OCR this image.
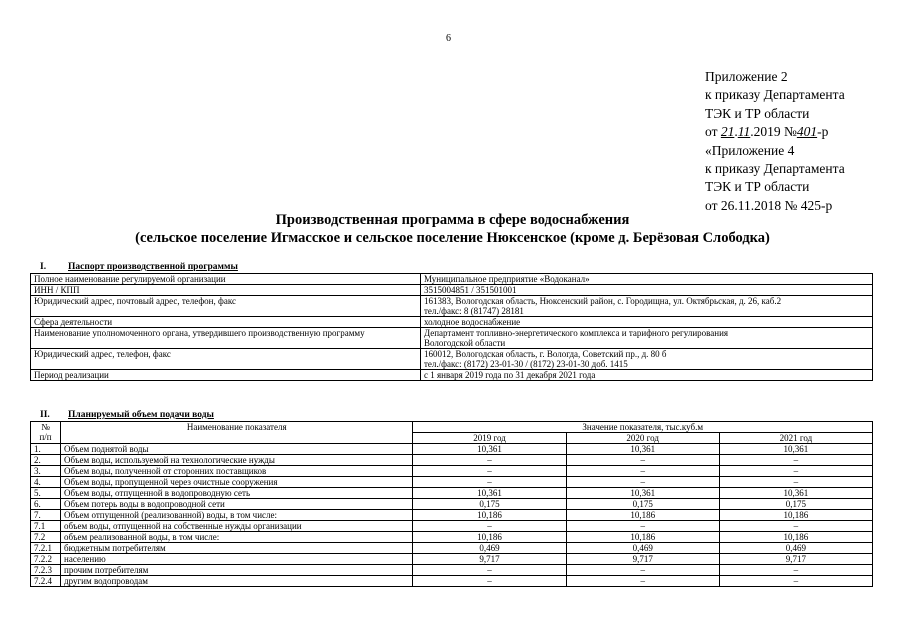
6
Приложение 2
к приказу Департамента
ТЭК и ТР области
от 21.11.2019 №401-р
«Приложение 4
к приказу Департамента
ТЭК и ТР области
от 26.11.2018 № 425-р
Производственная программа в сфере водоснабжения
(сельское поселение Игмасское и сельское поселение Нюксенское (кроме д. Берёзовая Слободка)
I. Паспорт производственной программы
Полное наименование регулируемой организации	Муниципальное предприятие «Водоканал»

ИНН / КПП	3515004851 / 351501001

Юридический адрес, почтовый адрес, телефон, факс	161383, Вологодская область, Нюксенский район, с. Городищна, ул. Октябрьская, д. 26, каб.2
тел./факс: 8 (81747) 28181

Сфера деятельности	холодное водоснабжение

Наименование уполномоченного органа, утвердившего производственную программу	Департамент топливно-энергетического комплекса и тарифного регулирования
Вологодской области

Юридический адрес, телефон, факс	160012, Вологодская область, г. Вологда, Советский пр., д. 80 б
тел./факс: (8172) 23-01-30 / (8172) 23-01-30 доб. 1415

Период реализации	с 1 января 2019 года по 31 декабря 2021 года
II. Планируемый объем подачи воды
№
п/п	Наименование показателя	Значение показателя, тыс.куб.м		
		2019 год	2020 год	2021 год
1.	Объем поднятой воды	10,361	10,361	10,361
2.	Объем воды, используемой на технологические нужды	–	–	–
3.	Объем воды, полученной от сторонних поставщиков	–	–	–
4.	Объем воды, пропущенной через очистные сооружения	–	–	–
5.	Объем воды, отпущенной в водопроводную сеть	10,361	10,361	10,361
6.	Объем потерь воды в водопроводной сети	0,175	0,175	0,175
7.	Объем отпущенной (реализованной) воды, в том числе:	10,186	10,186	10,186
7.1	объем воды, отпущенной на собственные нужды организации	–	–	–
7.2	объем реализованной воды, в том числе:	10,186	10,186	10,186
7.2.1	бюджетным потребителям	0,469	0,469	0,469
7.2.2	населению	9,717	9,717	9,717
7.2.3	прочим потребителям	–	–	–
7.2.4	другим водопроводам	–	–	–
